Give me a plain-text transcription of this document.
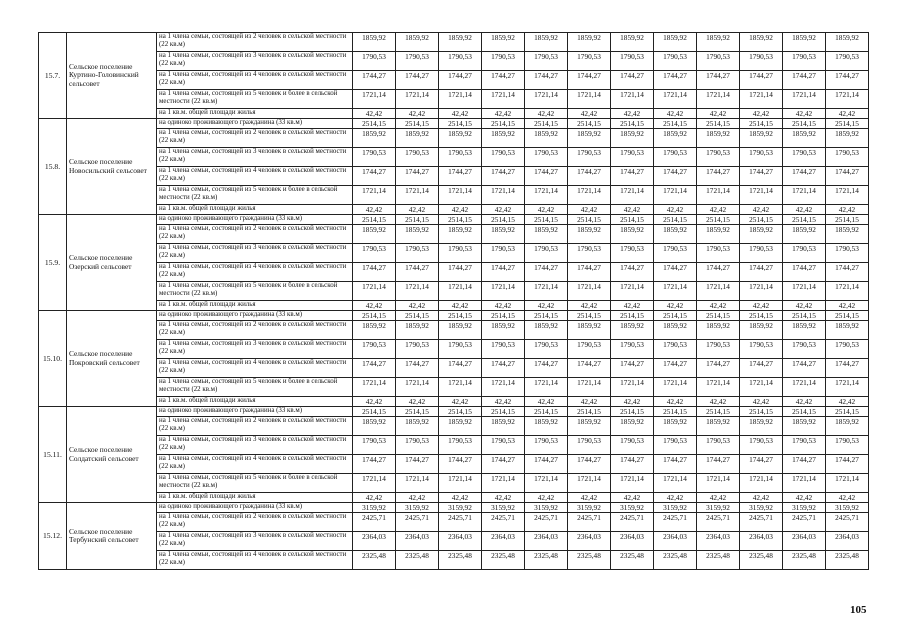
15.7.	Сельское поселение Куртино-Головинский сельсовет	на 1 члена семьи, состоящей из 2 человек в сельской местности (22 кв.м)	1859,92	1859,92	1859,92	1859,92	1859,92	1859,92	1859,92	1859,92	1859,92	1859,92	1859,92	1859,92
		на 1 члена семьи, состоящей из 3 человек в сельской местности (22 кв.м)	1790,53	1790,53	1790,53	1790,53	1790,53	1790,53	1790,53	1790,53	1790,53	1790,53	1790,53	1790,53
		на 1 члена семьи, состоящей из 4 человек в сельской местности (22 кв.м)	1744,27	1744,27	1744,27	1744,27	1744,27	1744,27	1744,27	1744,27	1744,27	1744,27	1744,27	1744,27
		на 1 члена семьи, состоящей из 5 человек и более в сельской местности (22 кв.м)	1721,14	1721,14	1721,14	1721,14	1721,14	1721,14	1721,14	1721,14	1721,14	1721,14	1721,14	1721,14
		на 1 кв.м. общей площади жилья	42,42	42,42	42,42	42,42	42,42	42,42	42,42	42,42	42,42	42,42	42,42	42,42
15.8.	Сельское поселение Новосильский сельсовет	на одиноко проживающего гражданина (33 кв.м)	2514,15	2514,15	2514,15	2514,15	2514,15	2514,15	2514,15	2514,15	2514,15	2514,15	2514,15	2514,15
		на 1 члена семьи, состоящей из 2 человек в сельской местности (22 кв.м)	1859,92	1859,92	1859,92	1859,92	1859,92	1859,92	1859,92	1859,92	1859,92	1859,92	1859,92	1859,92
		на 1 члена семьи, состоящей из 3 человек в сельской местности (22 кв.м)	1790,53	1790,53	1790,53	1790,53	1790,53	1790,53	1790,53	1790,53	1790,53	1790,53	1790,53	1790,53
		на 1 члена семьи, состоящей из 4 человек в сельской местности (22 кв.м)	1744,27	1744,27	1744,27	1744,27	1744,27	1744,27	1744,27	1744,27	1744,27	1744,27	1744,27	1744,27
		на 1 члена семьи, состоящей из 5 человек и более в сельской местности (22 кв.м)	1721,14	1721,14	1721,14	1721,14	1721,14	1721,14	1721,14	1721,14	1721,14	1721,14	1721,14	1721,14
		на 1 кв.м. общей площади жилья	42,42	42,42	42,42	42,42	42,42	42,42	42,42	42,42	42,42	42,42	42,42	42,42
15.9.	Сельское поселение Озерский сельсовет	на одиноко проживающего гражданина (33 кв.м)	2514,15	2514,15	2514,15	2514,15	2514,15	2514,15	2514,15	2514,15	2514,15	2514,15	2514,15	2514,15
		на 1 члена семьи, состоящей из 2 человек в сельской местности (22 кв.м)	1859,92	1859,92	1859,92	1859,92	1859,92	1859,92	1859,92	1859,92	1859,92	1859,92	1859,92	1859,92
		на 1 члена семьи, состоящей из 3 человек в сельской местности (22 кв.м)	1790,53	1790,53	1790,53	1790,53	1790,53	1790,53	1790,53	1790,53	1790,53	1790,53	1790,53	1790,53
		на 1 члена семьи, состоящей из 4 человек в сельской местности (22 кв.м)	1744,27	1744,27	1744,27	1744,27	1744,27	1744,27	1744,27	1744,27	1744,27	1744,27	1744,27	1744,27
		на 1 члена семьи, состоящей из 5 человек и более в сельской местности (22 кв.м)	1721,14	1721,14	1721,14	1721,14	1721,14	1721,14	1721,14	1721,14	1721,14	1721,14	1721,14	1721,14
		на 1 кв.м. общей площади жилья	42,42	42,42	42,42	42,42	42,42	42,42	42,42	42,42	42,42	42,42	42,42	42,42
15.10.	Сельское поселение Покровский сельсовет	на одиноко проживающего гражданина (33 кв.м)	2514,15	2514,15	2514,15	2514,15	2514,15	2514,15	2514,15	2514,15	2514,15	2514,15	2514,15	2514,15
		на 1 члена семьи, состоящей из 2 человек в сельской местности (22 кв.м)	1859,92	1859,92	1859,92	1859,92	1859,92	1859,92	1859,92	1859,92	1859,92	1859,92	1859,92	1859,92
		на 1 члена семьи, состоящей из 3 человек в сельской местности (22 кв.м)	1790,53	1790,53	1790,53	1790,53	1790,53	1790,53	1790,53	1790,53	1790,53	1790,53	1790,53	1790,53
		на 1 члена семьи, состоящей из 4 человек в сельской местности (22 кв.м)	1744,27	1744,27	1744,27	1744,27	1744,27	1744,27	1744,27	1744,27	1744,27	1744,27	1744,27	1744,27
		на 1 члена семьи, состоящей из 5 человек и более в сельской местности (22 кв.м)	1721,14	1721,14	1721,14	1721,14	1721,14	1721,14	1721,14	1721,14	1721,14	1721,14	1721,14	1721,14
		на 1 кв.м. общей площади жилья	42,42	42,42	42,42	42,42	42,42	42,42	42,42	42,42	42,42	42,42	42,42	42,42
15.11.	Сельское поселение Солдатский сельсовет	на одиноко проживающего гражданина (33 кв.м)	2514,15	2514,15	2514,15	2514,15	2514,15	2514,15	2514,15	2514,15	2514,15	2514,15	2514,15	2514,15
		на 1 члена семьи, состоящей из 2 человек в сельской местности (22 кв.м)	1859,92	1859,92	1859,92	1859,92	1859,92	1859,92	1859,92	1859,92	1859,92	1859,92	1859,92	1859,92
		на 1 члена семьи, состоящей из 3 человек в сельской местности (22 кв.м)	1790,53	1790,53	1790,53	1790,53	1790,53	1790,53	1790,53	1790,53	1790,53	1790,53	1790,53	1790,53
		на 1 члена семьи, состоящей из 4 человек в сельской местности (22 кв.м)	1744,27	1744,27	1744,27	1744,27	1744,27	1744,27	1744,27	1744,27	1744,27	1744,27	1744,27	1744,27
		на 1 члена семьи, состоящей из 5 человек и более в сельской местности (22 кв.м)	1721,14	1721,14	1721,14	1721,14	1721,14	1721,14	1721,14	1721,14	1721,14	1721,14	1721,14	1721,14
		на 1 кв.м. общей площади жилья	42,42	42,42	42,42	42,42	42,42	42,42	42,42	42,42	42,42	42,42	42,42	42,42
15.12.	Сельское поселение Тербунский сельсовет	на одиноко проживающего гражданина (33 кв.м)	3159,92	3159,92	3159,92	3159,92	3159,92	3159,92	3159,92	3159,92	3159,92	3159,92	3159,92	3159,92
		на 1 члена семьи, состоящей из 2 человек в сельской местности (22 кв.м)	2425,71	2425,71	2425,71	2425,71	2425,71	2425,71	2425,71	2425,71	2425,71	2425,71	2425,71	2425,71
		на 1 члена семьи, состоящей из 3 человек в сельской местности (22 кв.м)	2364,03	2364,03	2364,03	2364,03	2364,03	2364,03	2364,03	2364,03	2364,03	2364,03	2364,03	2364,03
		на 1 члена семьи, состоящей из 4 человек в сельской местности (22 кв.м)	2325,48	2325,48	2325,48	2325,48	2325,48	2325,48	2325,48	2325,48	2325,48	2325,48	2325,48	2325,48
105
